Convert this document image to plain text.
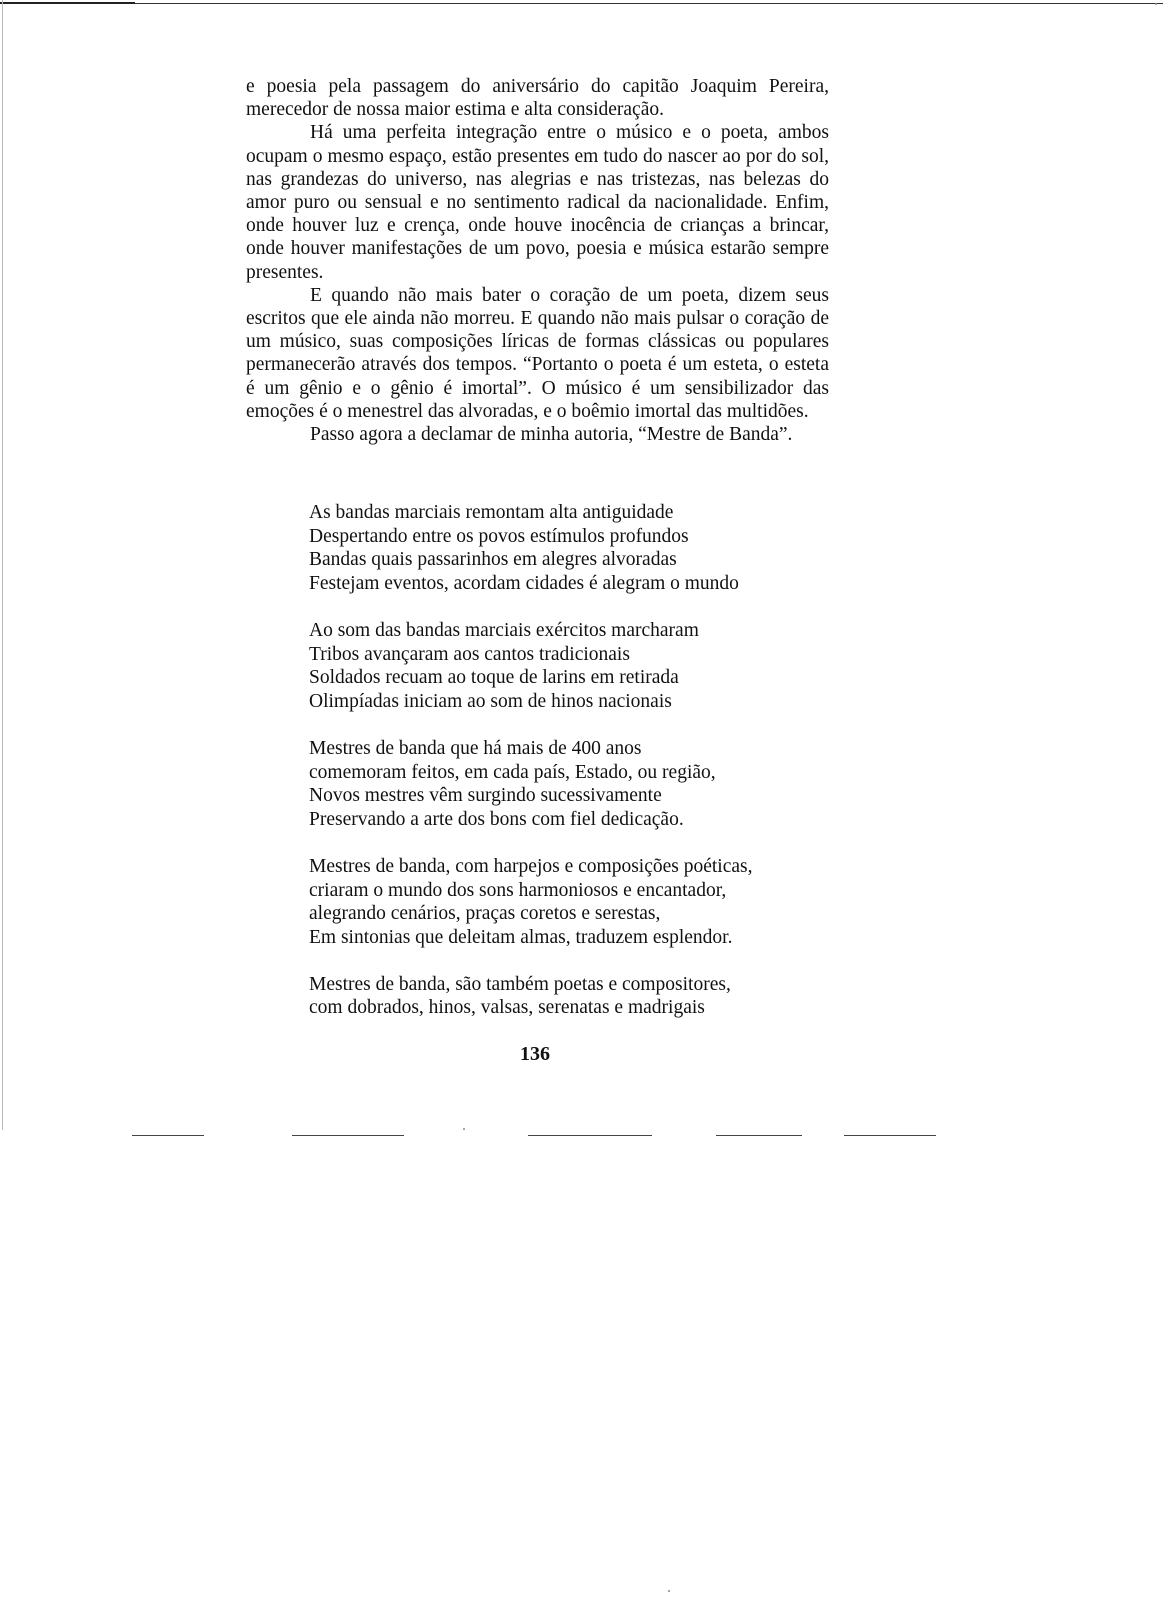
e poesia pela passagem do aniversário do capitão Joaquim Pereira, merecedor de nossa maior estima e alta consideração.

Há uma perfeita integração entre o músico e o poeta, ambos ocupam o mesmo espaço, estão presentes em tudo do nascer ao por do sol, nas grandezas do universo, nas alegrias e nas tristezas, nas belezas do amor puro ou sensual e no sentimento radical da nacionalidade. Enfim, onde houver luz e crença, onde houve inocência de crianças a brincar, onde houver manifestações de um povo, poesia e música estarão sempre presentes.

E quando não mais bater o coração de um poeta, dizem seus escritos que ele ainda não morreu. E quando não mais pulsar o coração de um músico, suas composições líricas de formas clássicas ou populares permanecerão através dos tempos. “Portanto o poeta é um esteta, o esteta é um gênio e o gênio é imortal”. O músico é um sensibilizador das emoções é o menestrel das alvoradas, e o boêmio imortal das multidões.

Passo agora a declamar de minha autoria, “Mestre de Banda”.

As bandas marciais remontam alta antiguidade
Despertando entre os povos estímulos profundos
Bandas quais passarinhos em alegres alvoradas
Festejam eventos, acordam cidades é alegram o mundo
Ao som das bandas marciais exércitos marcharam
Tribos avançaram aos cantos tradicionais
Soldados recuam ao toque de larins em retirada
Olimpíadas iniciam ao som de hinos nacionais
Mestres de banda que há mais de 400 anos
comemoram feitos, em cada país, Estado, ou região,
Novos mestres vêm surgindo sucessivamente
Preservando a arte dos bons com fiel dedicação.
Mestres de banda, com harpejos e composições poéticas,
criaram o mundo dos sons harmoniosos e encantador,
alegrando cenários, praças coretos e serestas,
Em sintonias que deleitam almas, traduzem esplendor.
Mestres de banda, são também poetas e compositores,
com dobrados, hinos, valsas, serenatas e madrigais
136
